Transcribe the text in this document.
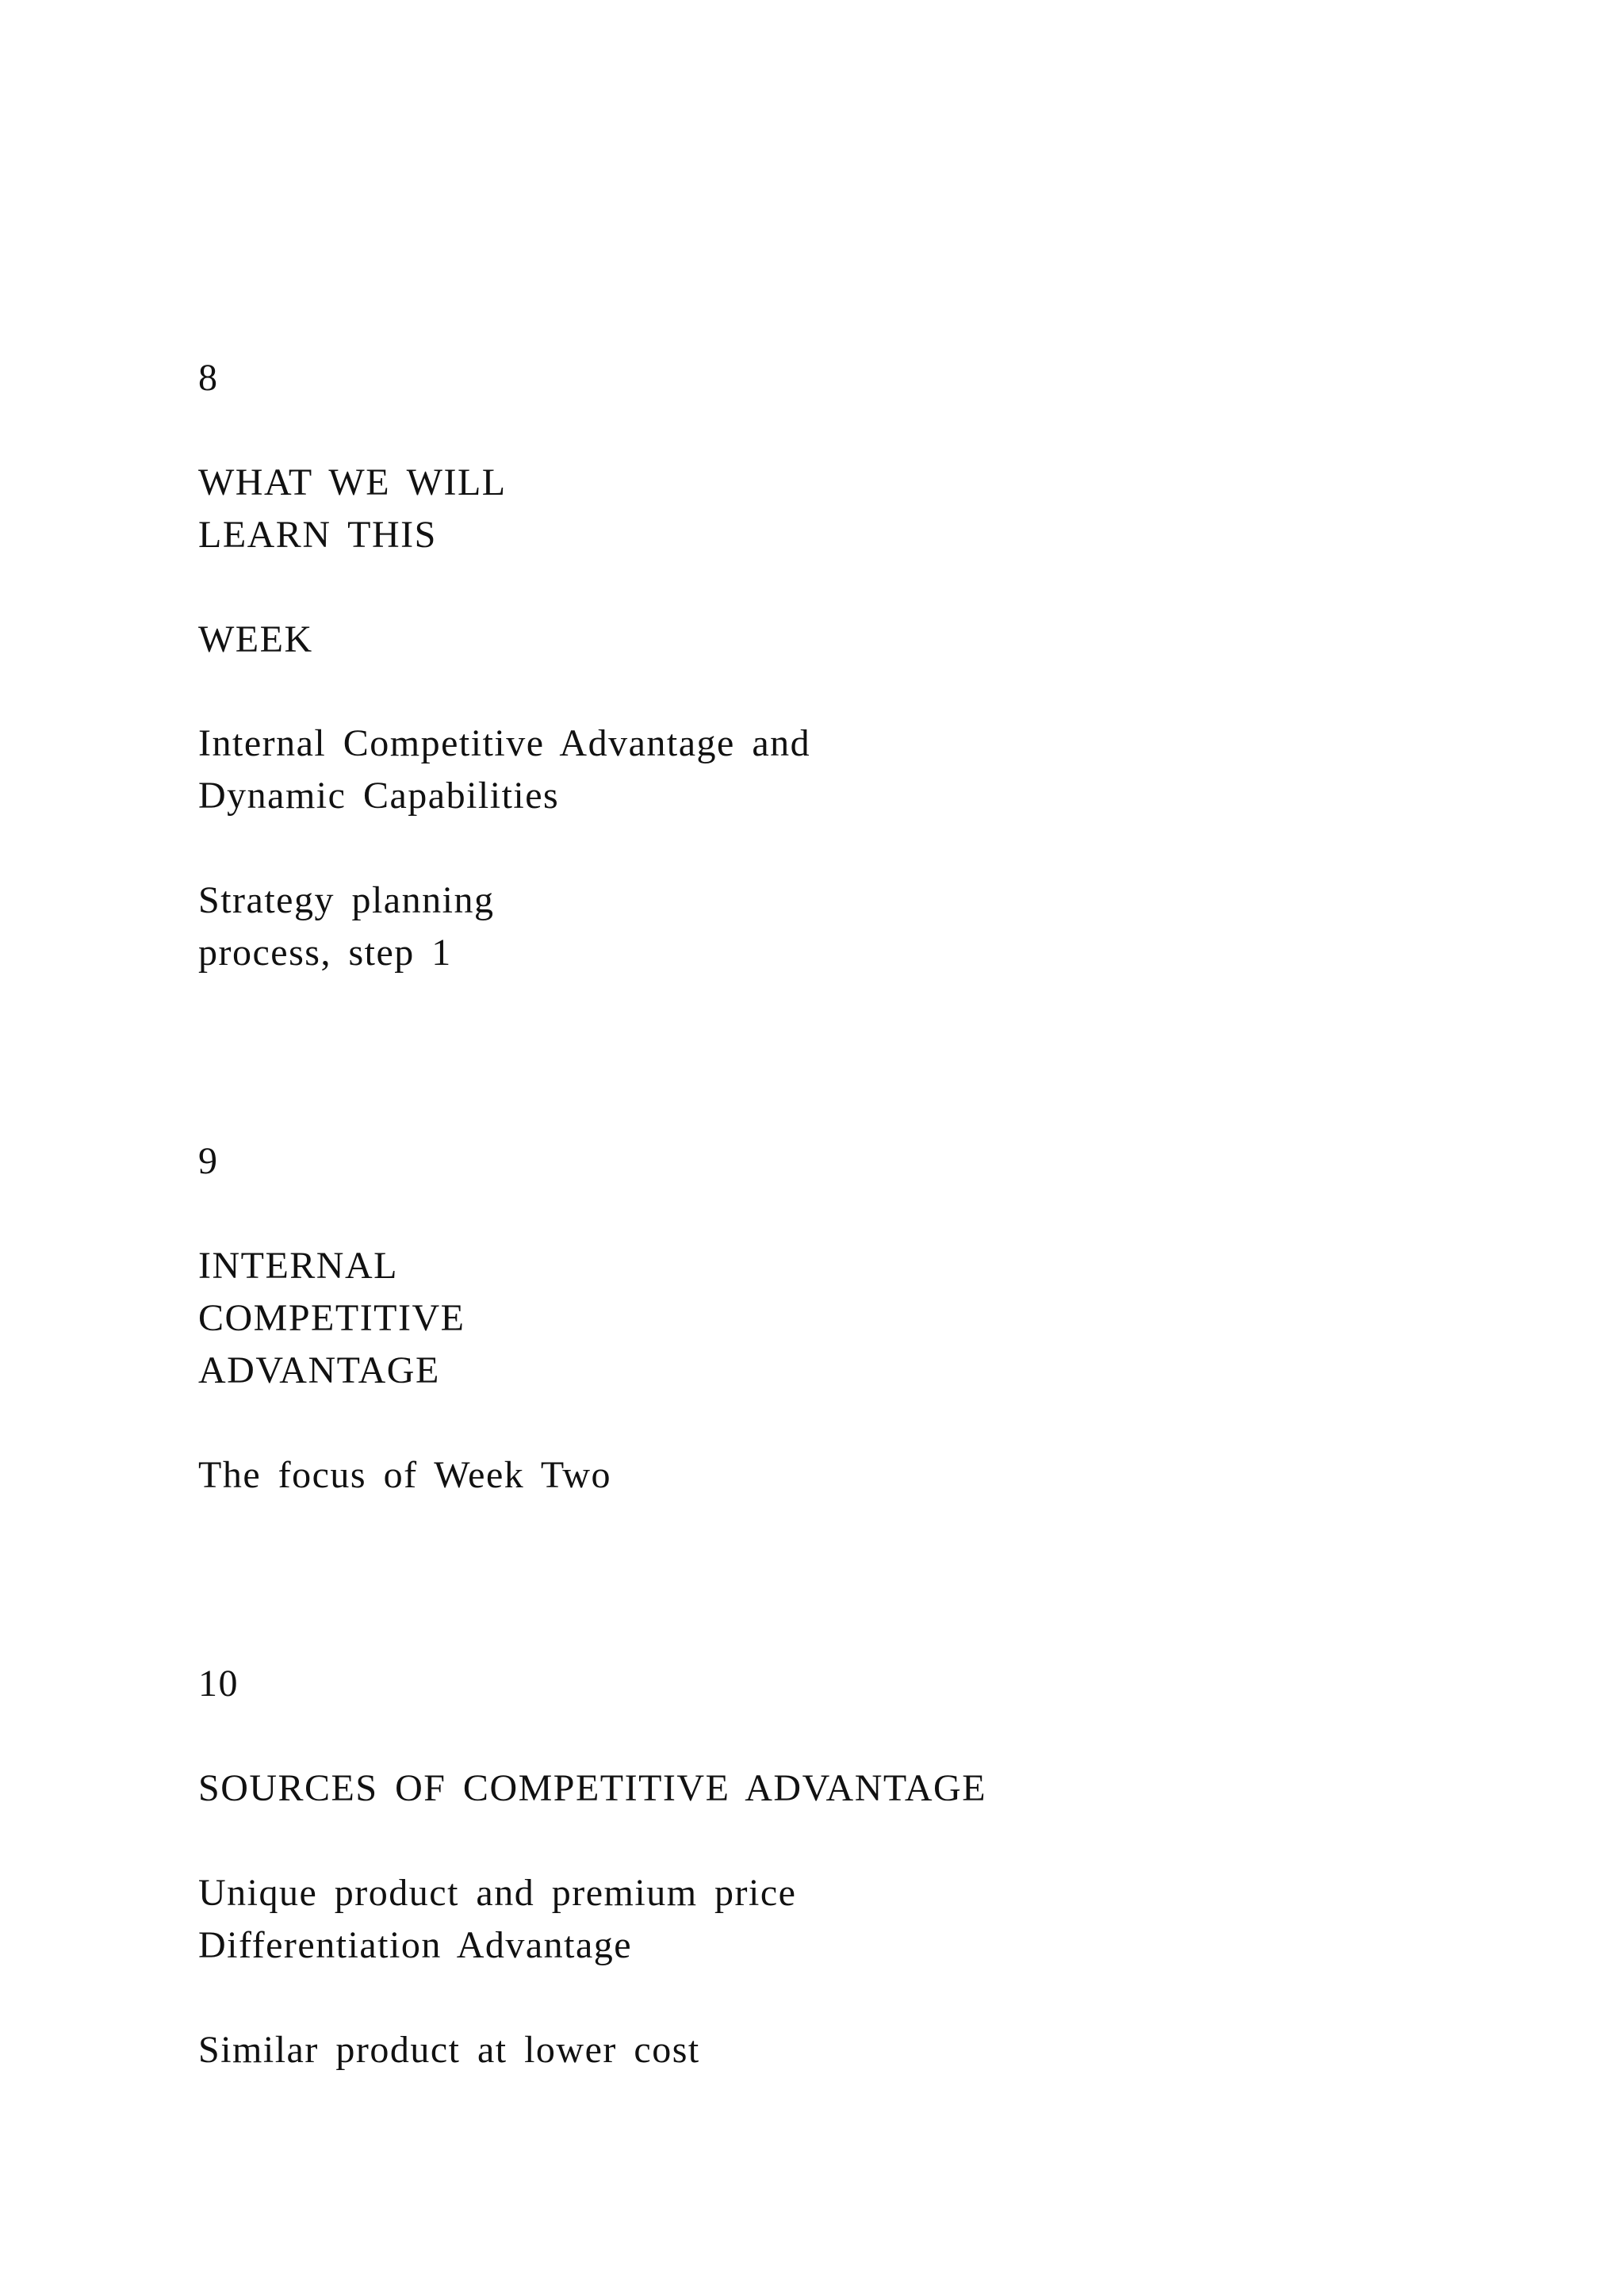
8

WHAT WE WILL

LEARN THIS

WEEK

Internal Competitive Advantage and

Dynamic Capabilities

Strategy planning

process, step 1

9

INTERNAL

COMPETITIVE

ADVANTAGE

The focus of Week Two

10

SOURCES OF COMPETITIVE ADVANTAGE

Unique product and premium price

Differentiation Advantage

Similar product at lower cost
